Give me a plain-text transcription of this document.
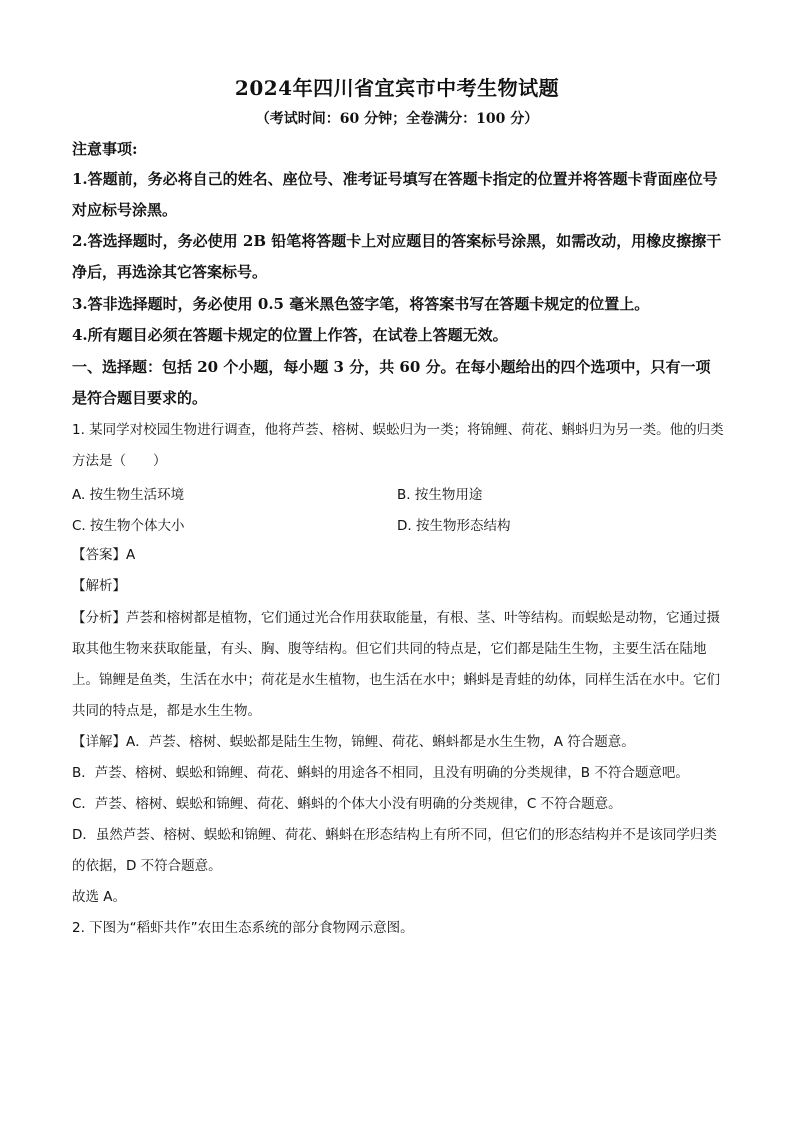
2024年四川省宜宾市中考生物试题
（考试时间：60 分钟；全卷满分：100 分）
注意事项:
1.答题前，务必将自己的姓名、座位号、准考证号填写在答题卡指定的位置并将答题卡背面座位号对应标号涂黑。
2.答选择题时，务必使用 2B 铅笔将答题卡上对应题目的答案标号涂黑，如需改动，用橡皮擦擦干净后，再选涂其它答案标号。
3.答非选择题时，务必使用 0.5 毫米黑色签字笔，将答案书写在答题卡规定的位置上。
4.所有题目必须在答题卡规定的位置上作答，在试卷上答题无效。
一、选择题：包括 20 个小题，每小题 3 分，共 60 分。在每小题给出的四个选项中，只有一项是符合题目要求的。
1. 某同学对校园生物进行调查，他将芦荟、榕树、蜈蚣归为一类；将锦鲤、荷花、蝌蚪归为另一类。他的归类方法是（　　）
A. 按生物生活环境	B. 按生物用途
C. 按生物个体大小	D. 按生物形态结构
【答案】A
【解析】
【分析】芦荟和榕树都是植物，它们通过光合作用获取能量，有根、茎、叶等结构。而蜈蚣是动物，它通过摄取其他生物来获取能量，有头、胸、腹等结构。但它们共同的特点是，它们都是陆生生物，主要生活在陆地上。锦鲤是鱼类，生活在水中；荷花是水生植物，也生活在水中；蝌蚪是青蛙的幼体，同样生活在水中。它们共同的特点是，都是水生生物。
【详解】A．芦荟、榕树、蜈蚣都是陆生生物，锦鲤、荷花、蝌蚪都是水生生物，A 符合题意。
B．芦荟、榕树、蜈蚣和锦鲤、荷花、蝌蚪的用途各不相同，且没有明确的分类规律，B 不符合题意吧。
C．芦荟、榕树、蜈蚣和锦鲤、荷花、蝌蚪的个体大小没有明确的分类规律，C 不符合题意。
D．虽然芦荟、榕树、蜈蚣和锦鲤、荷花、蝌蚪在形态结构上有所不同，但它们的形态结构并不是该同学归类的依据，D 不符合题意。
故选 A。
2. 下图为“稻虾共作”农田生态系统的部分食物网示意图。
